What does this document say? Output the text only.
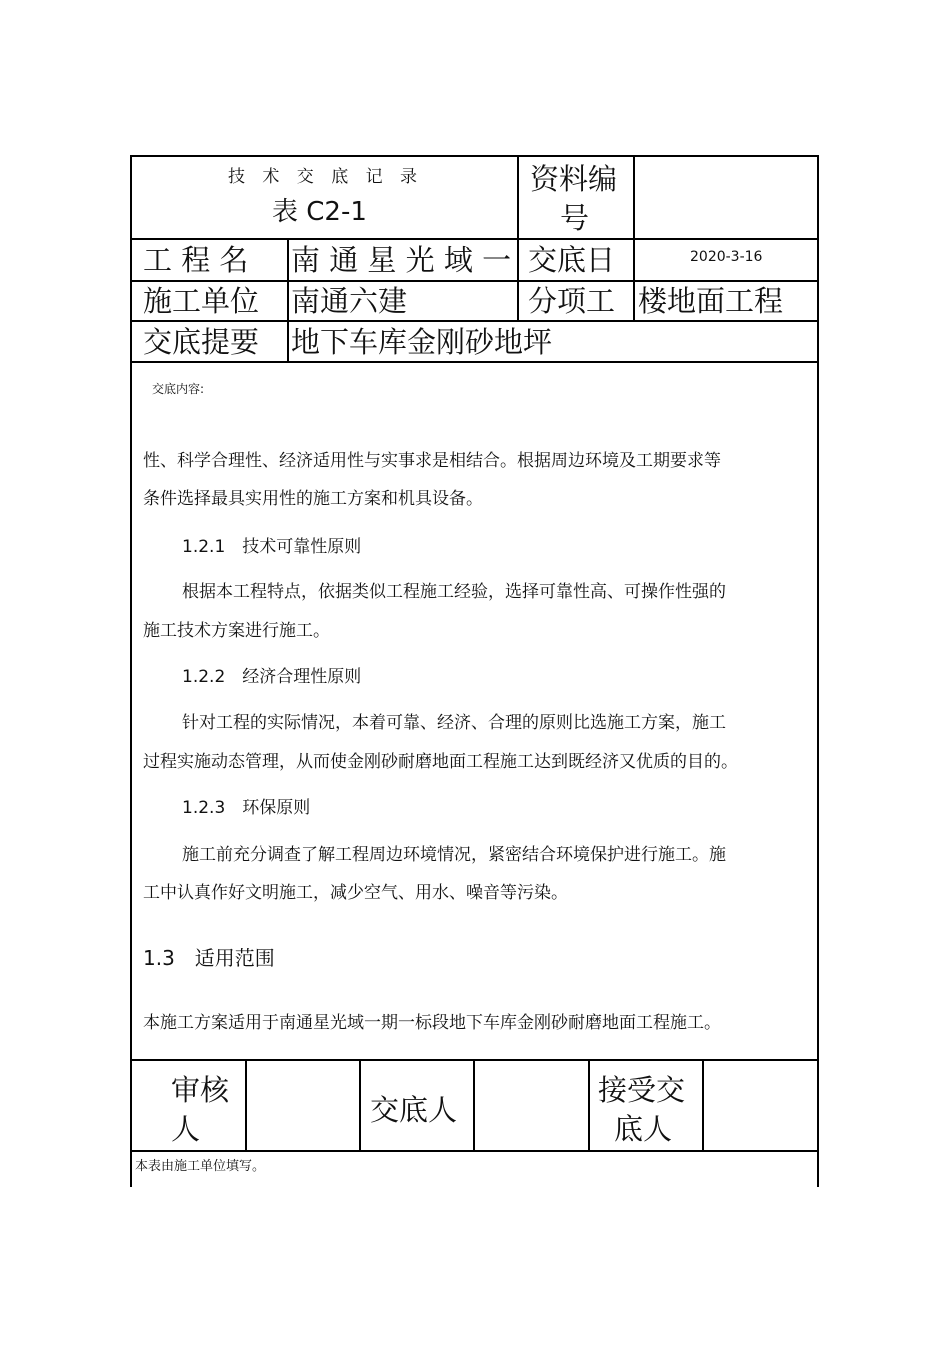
技 术 交 底 记 录
表 C2-1
资料编
号
工 程 名 南 通 星 光 域 一 交底日	2020-3-16
施工单位 南通六建	分项工 楼地面工程
交底提要 地下车库金刚砂地坪
交底内容:
性、科学合理性、经济适用性与实事求是相结合。根据周边环境及工期要求等
条件选择最具实用性的施工方案和机具设备。
1.2.1　技术可靠性原则
根据本工程特点，依据类似工程施工经验，选择可靠性高、可操作性强的
施工技术方案进行施工。
1.2.2　经济合理性原则
针对工程的实际情况，本着可靠、经济、合理的原则比选施工方案，施工
过程实施动态管理，从而使金刚砂耐磨地面工程施工达到既经济又优质的目的。
1.2.3　环保原则
施工前充分调查了解工程周边环境情况，紧密结合环境保护进行施工。施
工中认真作好文明施工，减少空气、用水、噪音等污染。
1.3　适用范围
本施工方案适用于南通星光域一期一标段地下车库金刚砂耐磨地面工程施工。
审核
人
交底人
接受交
底人
本表由施工单位填写。
